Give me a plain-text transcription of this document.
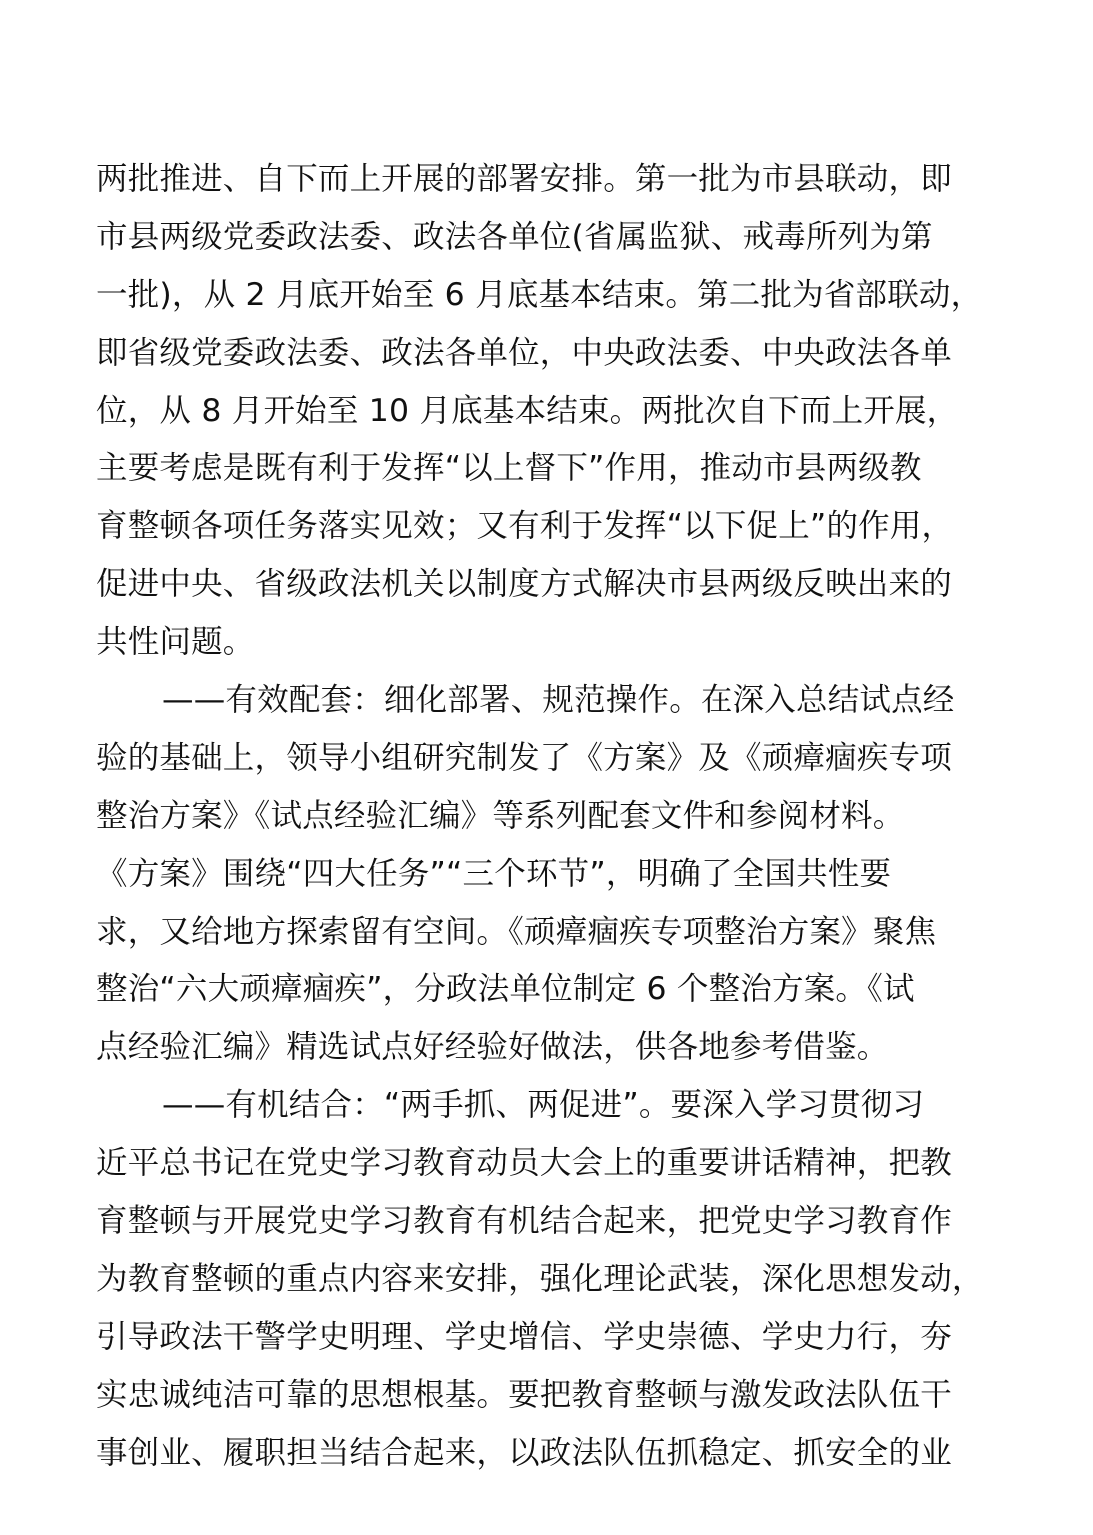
两批推进、自下而上开展的部署安排。第一批为市县联动，即
市县两级党委政法委、政法各单位(省属监狱、戒毒所列为第
一批)，从 2 月底开始至 6 月底基本结束。第二批为省部联动，
即省级党委政法委、政法各单位，中央政法委、中央政法各单
位，从 8 月开始至 10 月底基本结束。两批次自下而上开展，
主要考虑是既有利于发挥“以上督下”作用，推动市县两级教
育整顿各项任务落实见效；又有利于发挥“以下促上”的作用，
促进中央、省级政法机关以制度方式解决市县两级反映出来的
共性问题。
——有效配套：细化部署、规范操作。在深入总结试点经
验的基础上，领导小组研究制发了《方案》及《顽瘴痼疾专项
整治方案》《试点经验汇编》等系列配套文件和参阅材料。
《方案》围绕“四大任务”“三个环节”，明确了全国共性要
求，又给地方探索留有空间。《顽瘴痼疾专项整治方案》聚焦
整治“六大顽瘴痼疾”，分政法单位制定 6 个整治方案。《试
点经验汇编》精选试点好经验好做法，供各地参考借鉴。
——有机结合：“两手抓、两促进”。要深入学习贯彻习
近平总书记在党史学习教育动员大会上的重要讲话精神，把教
育整顿与开展党史学习教育有机结合起来，把党史学习教育作
为教育整顿的重点内容来安排，强化理论武装，深化思想发动，
引导政法干警学史明理、学史增信、学史崇德、学史力行，夯
实忠诚纯洁可靠的思想根基。要把教育整顿与激发政法队伍干
事创业、履职担当结合起来，以政法队伍抓稳定、抓安全的业
